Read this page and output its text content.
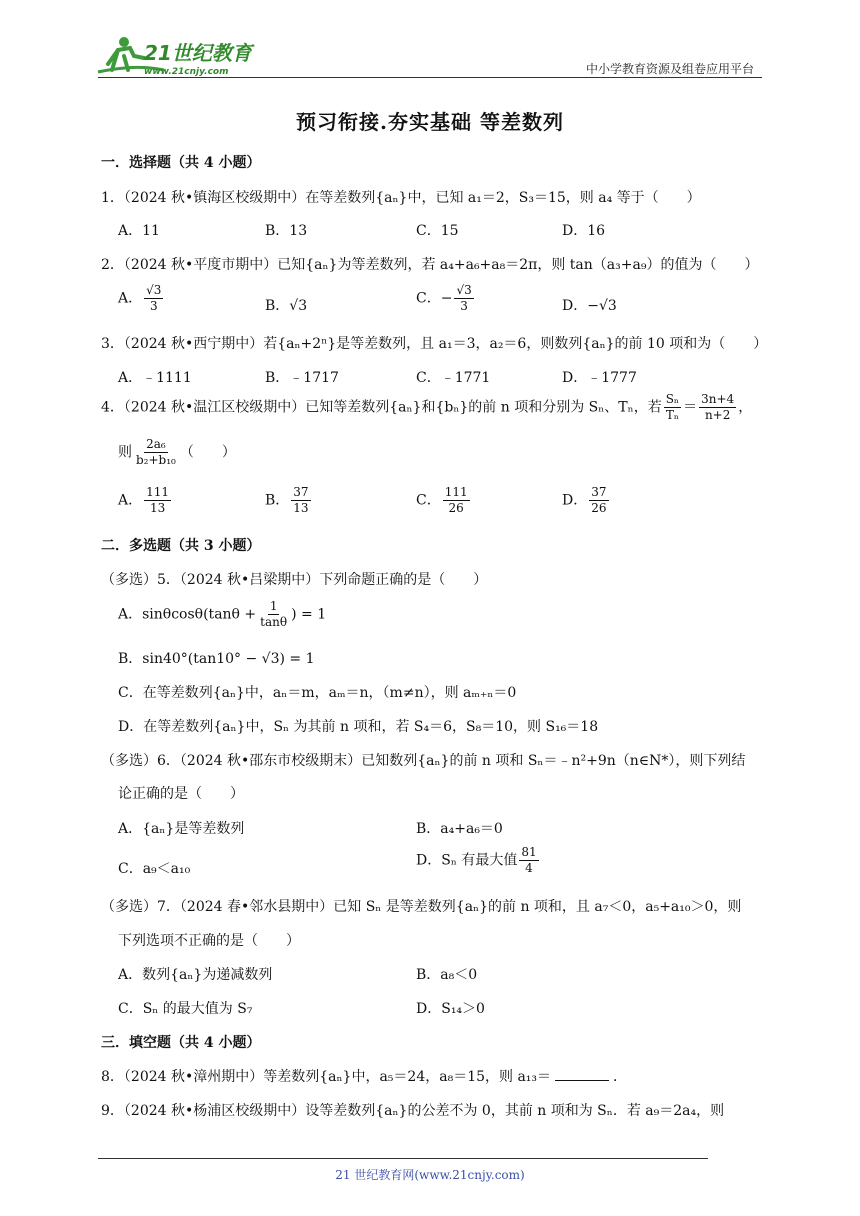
21世纪教育
www.21cnjy.com	中小学教育资源及组卷应用平台
预习衔接.夯实基础 等差数列
一．选择题（共 4 小题）
1．（2024 秋•镇海区校级期中）在等差数列{aₙ}中，已知 a₁＝2，S₃＝15，则 a₄ 等于（　　）
A．11	B．13	C．15	D．16
2．（2024 秋•平度市期中）已知{aₙ}为等差数列，若 a₄+a₆+a₈＝2π，则 tan（a₃+a₉）的值为（　　）
A． $\frac{√3}{3}$	B．√3	C．− $\frac{√3}{3}$	D．−√3
3．（2024 秋•西宁期中）若{aₙ+2ⁿ}是等差数列，且 a₁＝3，a₂＝6，则数列{aₙ}的前 10 项和为（　　）
A．﹣1111	B．﹣1717	C．﹣1771	D．﹣1777
4．（2024 秋•温江区校级期中）已知等差数列{aₙ}和{bₙ}的前 n 项和分别为 Sₙ、Tₙ，若 $\frac{\text{Sₙ}}{\text{Tₙ}} = \frac{3n+4}{n+2}$ ，
则 $\frac{\text{2a₆}}{\text{b₂+b₁₀}}$ （　　）
A． $\frac{111}{13}$	B． $\frac{37}{13}$	C． $\frac{111}{26}$	D． $\frac{37}{26}$
二．多选题（共 3 小题）
（多选）5．（2024 秋•吕梁期中）下列命题正确的是（　　）
A．$\sin\theta\cos\theta(\tan\theta + \frac{1}{\tan\theta}$ ) = 1
B．sin40°(tan10° − √3) = 1
C．在等差数列{aₙ}中，aₙ＝m，aₘ＝n，（m≠n），则 aₘ₊ₙ＝0
D．在等差数列{aₙ}中，Sₙ 为其前 n 项和，若 S₄＝6，S₈＝10，则 S₁₆＝18
（多选）6．（2024 秋•邵东市校级期末）已知数列{aₙ}的前 n 项和 Sₙ＝﹣n²+9n（n∈N*），则下列结
论正确的是（　　）
A．{aₙ}是等差数列	B．a₄+a₆＝0
C．a₉＜a₁₀
D．Sₙ 有最大值 $\frac{81}{4}$
（多选）7．（2024 春•邻水县期中）已知 Sₙ 是等差数列{aₙ}的前 n 项和，且 a₇＜0，a₅+a₁₀＞0，则
下列选项不正确的是（　　）
A．数列{aₙ}为递减数列	B．a₈＜0
C．Sₙ 的最大值为 S₇	D．S₁₄＞0
三．填空题（共 4 小题）
8．（2024 秋•漳州期中）等差数列{aₙ}中，a₅＝24，a₈＝15，则 a₁₃＝	．
9．（2024 秋•杨浦区校级期中）设等差数列{aₙ}的公差不为 0，其前 n 项和为 Sₙ．若 a₉＝2a₄，则
21 世纪教育网(www.21cnjy.com)
